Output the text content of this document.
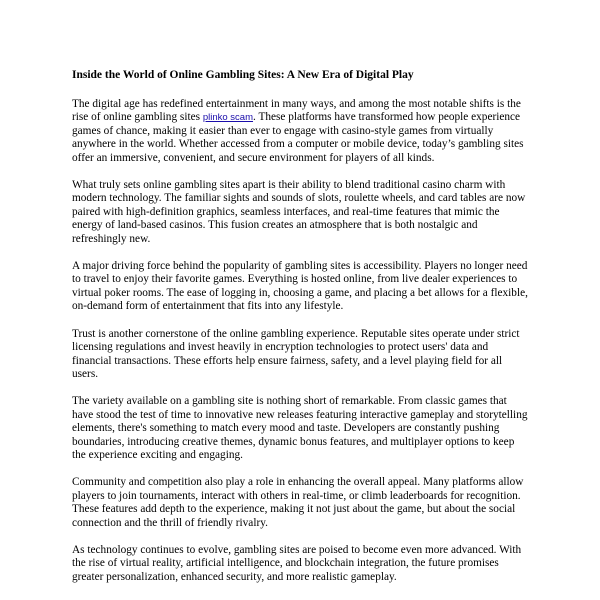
Inside the World of Online Gambling Sites: A New Era of Digital Play

The digital age has redefined entertainment in many ways, and among the most notable shifts is the rise of online gambling sites plinko scam. These platforms have transformed how people experience games of chance, making it easier than ever to engage with casino-style games from virtually anywhere in the world. Whether accessed from a computer or mobile device, today’s gambling sites offer an immersive, convenient, and secure environment for players of all kinds.

What truly sets online gambling sites apart is their ability to blend traditional casino charm with modern technology. The familiar sights and sounds of slots, roulette wheels, and card tables are now paired with high-definition graphics, seamless interfaces, and real-time features that mimic the energy of land-based casinos. This fusion creates an atmosphere that is both nostalgic and refreshingly new.

A major driving force behind the popularity of gambling sites is accessibility. Players no longer need to travel to enjoy their favorite games. Everything is hosted online, from live dealer experiences to virtual poker rooms. The ease of logging in, choosing a game, and placing a bet allows for a flexible, on-demand form of entertainment that fits into any lifestyle.

Trust is another cornerstone of the online gambling experience. Reputable sites operate under strict licensing regulations and invest heavily in encryption technologies to protect users' data and financial transactions. These efforts help ensure fairness, safety, and a level playing field for all users.

The variety available on a gambling site is nothing short of remarkable. From classic games that have stood the test of time to innovative new releases featuring interactive gameplay and storytelling elements, there's something to match every mood and taste. Developers are constantly pushing boundaries, introducing creative themes, dynamic bonus features, and multiplayer options to keep the experience exciting and engaging.

Community and competition also play a role in enhancing the overall appeal. Many platforms allow players to join tournaments, interact with others in real-time, or climb leaderboards for recognition. These features add depth to the experience, making it not just about the game, but about the social connection and the thrill of friendly rivalry.

As technology continues to evolve, gambling sites are poised to become even more advanced. With the rise of virtual reality, artificial intelligence, and blockchain integration, the future promises greater personalization, enhanced security, and more realistic gameplay.
